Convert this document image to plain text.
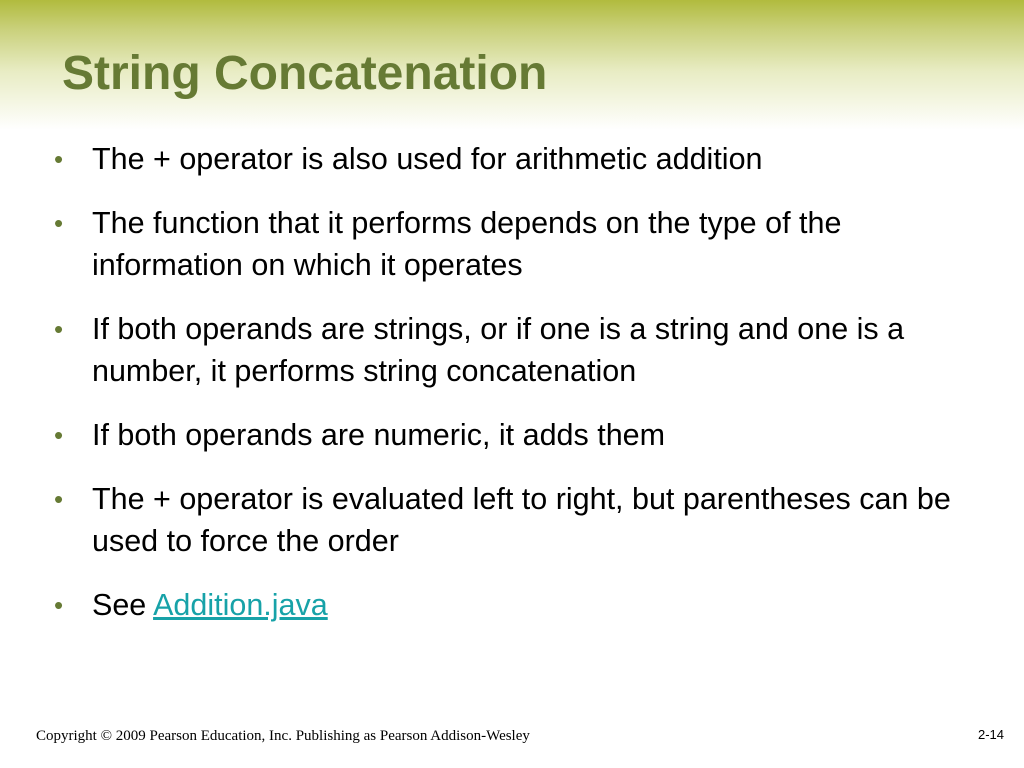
String Concatenation
• The + operator is also used for arithmetic addition
• The function that it performs depends on the type of the information on which it operates
• If both operands are strings, or if one is a string and one is a number, it performs string concatenation
• If both operands are numeric, it adds them
• The + operator is evaluated left to right, but parentheses can be used to force the order
• See Addition.java
Copyright © 2009 Pearson Education, Inc. Publishing as Pearson Addison-Wesley	2-14
